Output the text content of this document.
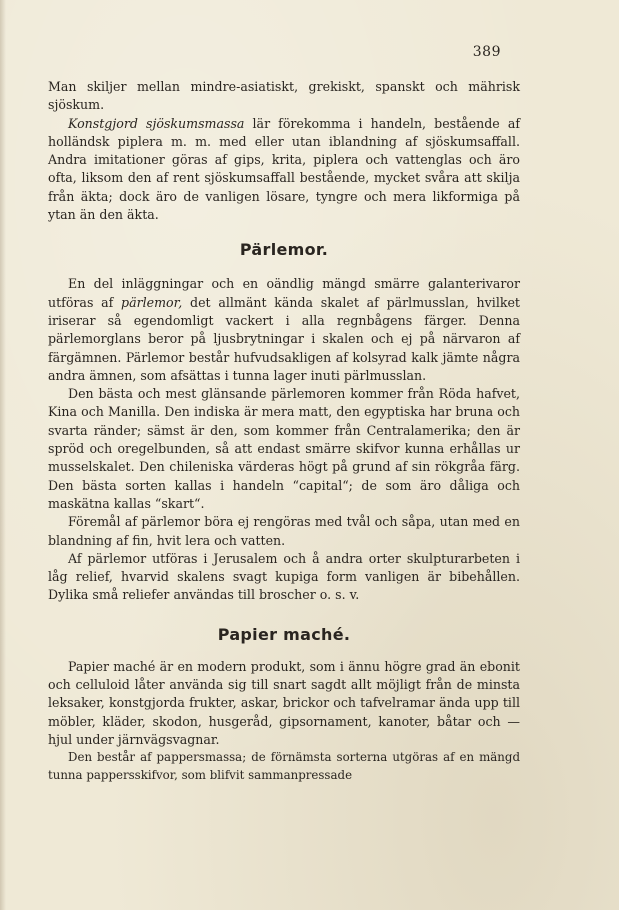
389

Man skiljer mellan mindre-asiatiskt, grekiskt, spanskt och mährisk sjöskum.

Konstgjord sjöskumsmassa lär förekomma i handeln, bestående af holländsk piplera m. m. med eller utan iblandning af sjöskumsaffall. Andra imitationer göras af gips, krita, piplera och vattenglas och äro ofta, liksom den af rent sjöskumsaffall bestående, mycket svåra att skilja från äkta; dock äro de vanligen lösare, tyngre och mera likformiga på ytan än den äkta.

Pärlemor.

En del inläggningar och en oändlig mängd smärre galanterivaror utföras af pärlemor, det allmänt kända skalet af pärlmusslan, hvilket iriserar så egendomligt vackert i alla regnbågens färger. Denna pärlemorglans beror på ljusbrytningar i skalen och ej på närvaron af färgämnen. Pärlemor består hufvudsakligen af kolsyrad kalk jämte några andra ämnen, som afsättas i tunna lager inuti pärlmusslan.

Den bästa och mest glänsande pärlemoren kommer från Röda hafvet, Kina och Manilla. Den indiska är mera matt, den egyptiska har bruna och svarta ränder; sämst är den, som kommer från Centralamerika; den är spröd och oregelbunden, så att endast smärre skifvor kunna erhållas ur musselskalet. Den chileniska värderas högt på grund af sin rökgråa färg. Den bästa sorten kallas i handeln “capital“; de som äro dåliga och maskätna kallas “skart“.

Föremål af pärlemor böra ej rengöras med tvål och såpa, utan med en blandning af fin, hvit lera och vatten.

Af pärlemor utföras i Jerusalem och å andra orter skulpturarbeten i låg relief, hvarvid skalens svagt kupiga form vanligen är bibehållen. Dylika små reliefer användas till broscher o. s. v.

Papier maché.

Papier maché är en modern produkt, som i ännu högre grad än ebonit och celluloid låter använda sig till snart sagdt allt möjligt från de minsta leksaker, konstgjorda frukter, askar, brickor och tafvelramar ända upp till möbler, kläder, skodon, husgeråd, gipsornament, kanoter, båtar och — hjul under järnvägsvagnar.

Den består af pappersmassa; de förnämsta sorterna utgöras af en mängd tunna pappersskifvor, som blifvit sammanpressade
